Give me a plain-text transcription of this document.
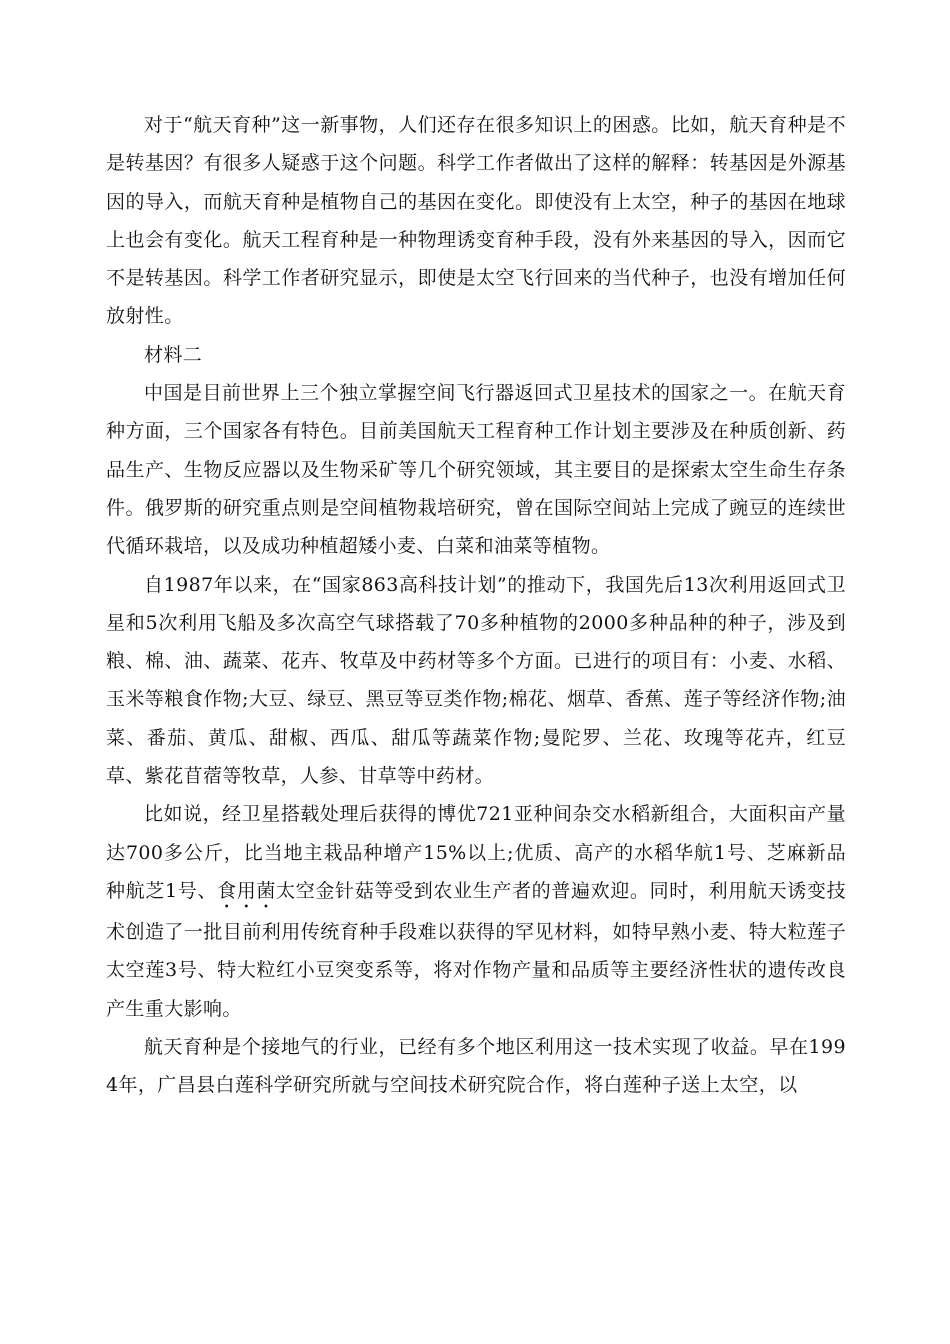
对于“航天育种”这一新事物，人们还存在很多知识上的困惑。比如，航天育种是不是转基因？有很多人疑惑于这个问题。科学工作者做出了这样的解释：转基因是外源基因的导入，而航天育种是植物自己的基因在变化。即使没有上太空，种子的基因在地球上也会有变化。航天工程育种是一种物理诱变育种手段，没有外来基因的导入，因而它不是转基因。科学工作者研究显示，即使是太空飞行回来的当代种子，也没有增加任何放射性。

材料二

中国是目前世界上三个独立掌握空间飞行器返回式卫星技术的国家之一。在航天育种方面，三个国家各有特色。目前美国航天工程育种工作计划主要涉及在种质创新、药品生产、生物反应器以及生物采矿等几个研究领域，其主要目的是探索太空生命生存条件。俄罗斯的研究重点则是空间植物栽培研究，曾在国际空间站上完成了豌豆的连续世代循环栽培，以及成功种植超矮小麦、白菜和油菜等植物。

自1987年以来，在“国家863高科技计划”的推动下，我国先后13次利用返回式卫星和5次利用飞船及多次高空气球搭载了70多种植物的2000多种品种的种子，涉及到粮、棉、油、蔬菜、花卉、牧草及中药材等多个方面。已进行的项目有：小麦、水稻、玉米等粮食作物;大豆、绿豆、黑豆等豆类作物;棉花、烟草、香蕉、莲子等经济作物;油菜、番茄、黄瓜、甜椒、西瓜、甜瓜等蔬菜作物;曼陀罗、兰花、玫瑰等花卉，红豆草、紫花苜蓿等牧草，人参、甘草等中药材。

比如说，经卫星搭载处理后获得的博优721亚种间杂交水稻新组合，大面积亩产量达700多公斤，比当地主栽品种增产15%以上;优质、高产的水稻华航1号、芝麻新品种航芝1号、食用菌太空金针菇等受到农业生产者的普遍欢迎。同时，利用航天诱变技术创造了一批目前利用传统育种手段难以获得的罕见材料，如特早熟小麦、特大粒莲子太空莲3号、特大粒红小豆突变系等，将对作物产量和品质等主要经济性状的遗传改良产生重大影响。

航天育种是个接地气的行业，已经有多个地区利用这一技术实现了收益。早在1994年，广昌县白莲科学研究所就与空间技术研究院合作，将白莲种子送上太空，以
